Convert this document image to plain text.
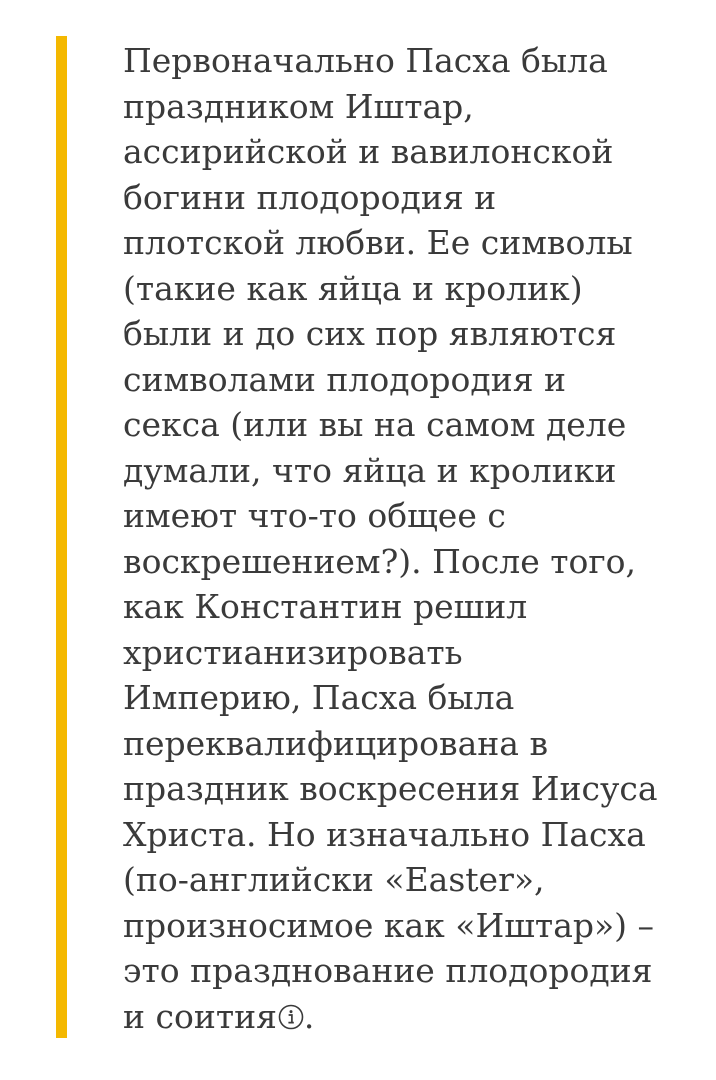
Первоначально Пасха была
праздником Иштар,
ассирийской и вавилонской
богини плодородия и
плотской любви. Ее символы
(такие как яйца и кролик)
были и до сих пор являются
символами плодородия и
секса (или вы на самом деле
думали, что яйца и кролики
имеют что-то общее с
воскрешением?). После того,
как Константин решил
христианизировать
Империю, Пасха была
переквалифицирована в
праздник воскресения Иисуса
Христа. Но изначально Пасха
(по-английски «Easter»,
произносимое как «Иштар») –
это празднование плодородия
и соития .
